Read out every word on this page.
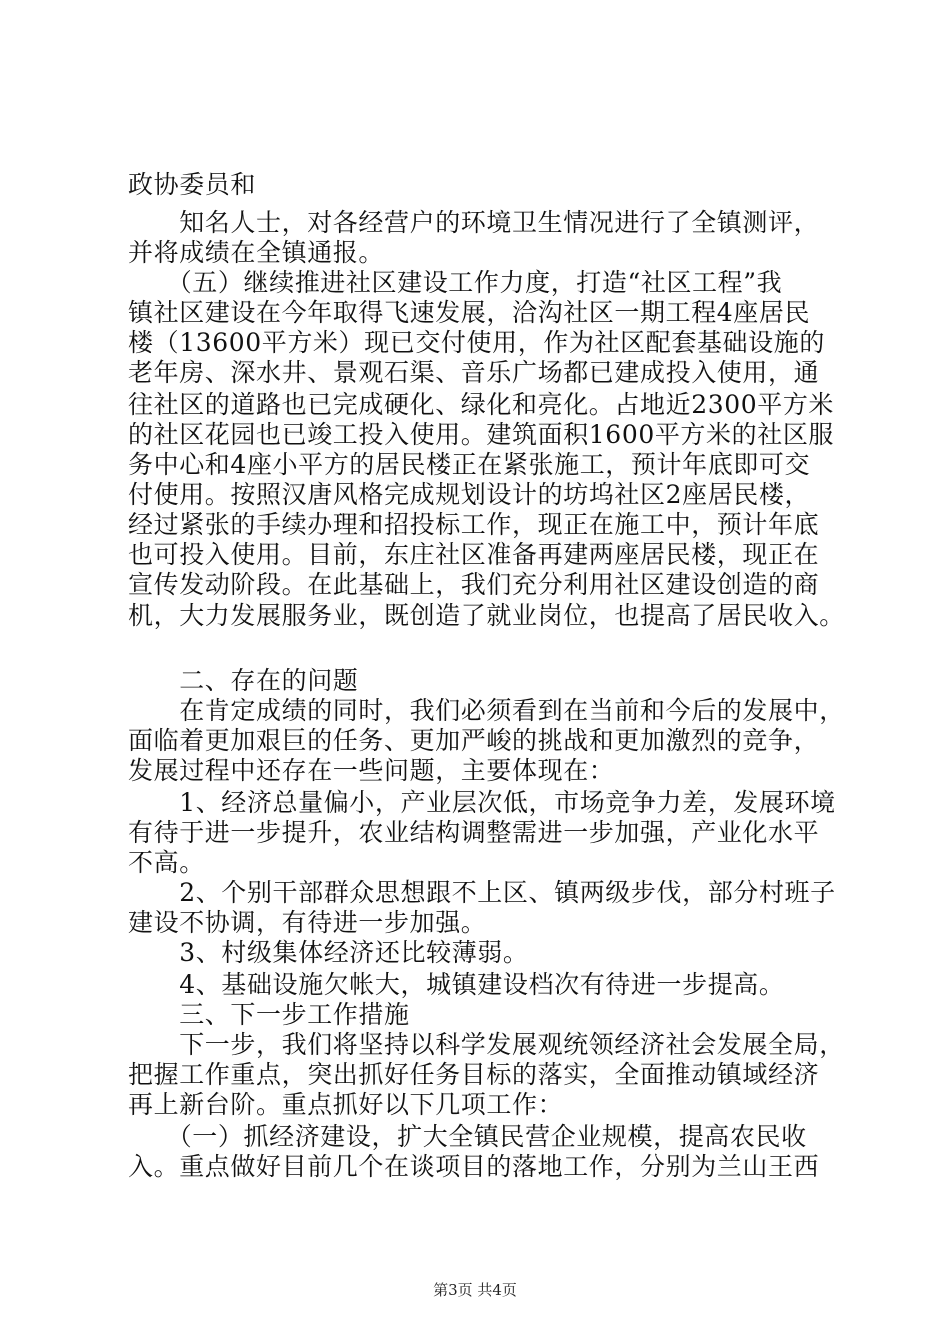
政协委员和
　　知名人士，对各经营户的环境卫生情况进行了全镇测评，
并将成绩在全镇通报。
　　（五）继续推进社区建设工作力度，打造“社区工程”我
镇社区建设在今年取得飞速发展，洽沟社区一期工程4座居民
楼（13600平方米）现已交付使用，作为社区配套基础设施的
老年房、深水井、景观石渠、音乐广场都已建成投入使用，通
往社区的道路也已完成硬化、绿化和亮化。占地近2300平方米
的社区花园也已竣工投入使用。建筑面积1600平方米的社区服
务中心和4座小平方的居民楼正在紧张施工，预计年底即可交
付使用。按照汉唐风格完成规划设计的坊坞社区2座居民楼，
经过紧张的手续办理和招投标工作，现正在施工中，预计年底
也可投入使用。目前，东庄社区准备再建两座居民楼，现正在
宣传发动阶段。在此基础上，我们充分利用社区建设创造的商
机，大力发展服务业，既创造了就业岗位，也提高了居民收入。
　　二、存在的问题
　　在肯定成绩的同时，我们必须看到在当前和今后的发展中，
面临着更加艰巨的任务、更加严峻的挑战和更加激烈的竞争，
发展过程中还存在一些问题，主要体现在：
　　1、经济总量偏小，产业层次低，市场竞争力差，发展环境
有待于进一步提升，农业结构调整需进一步加强，产业化水平
不高。
　　2、个别干部群众思想跟不上区、镇两级步伐，部分村班子
建设不协调，有待进一步加强。
　　3、村级集体经济还比较薄弱。
　　4、基础设施欠帐大，城镇建设档次有待进一步提高。
　　三、下一步工作措施
　　下一步，我们将坚持以科学发展观统领经济社会发展全局，
把握工作重点，突出抓好任务目标的落实，全面推动镇域经济
再上新台阶。重点抓好以下几项工作：
　　（一）抓经济建设，扩大全镇民营企业规模，提高农民收
入。重点做好目前几个在谈项目的落地工作，分别为兰山王西
第3页 共4页
